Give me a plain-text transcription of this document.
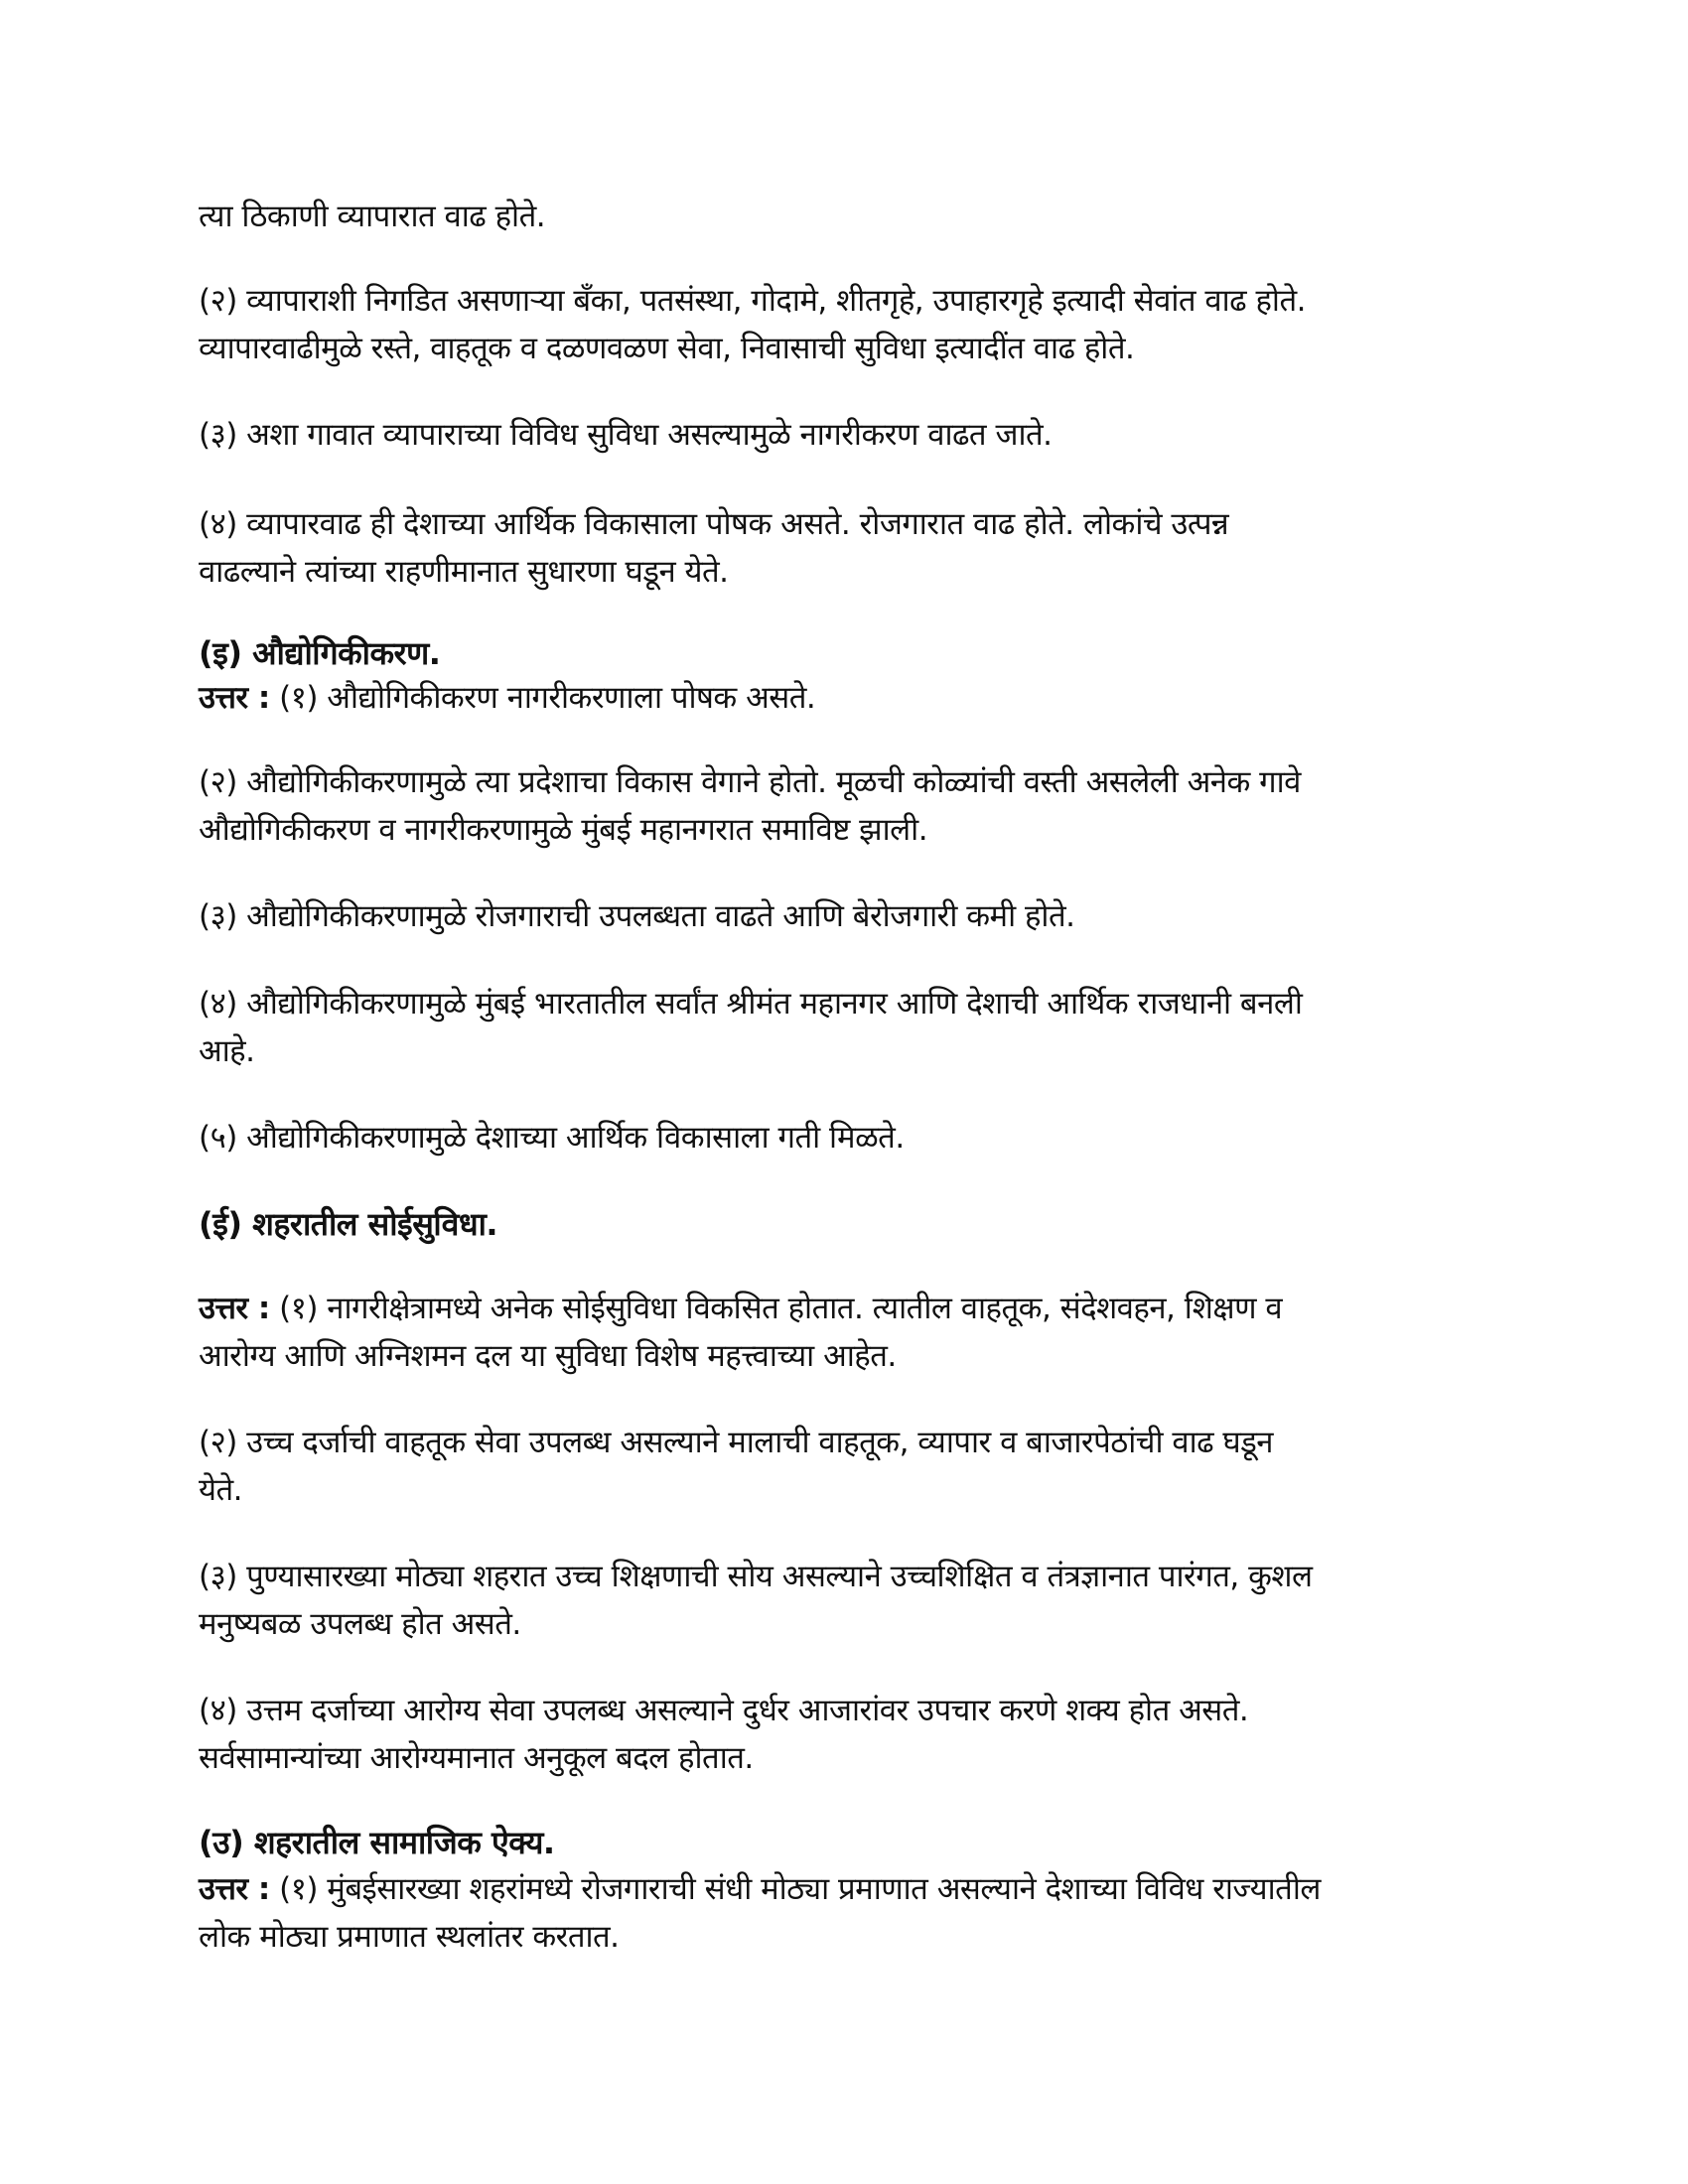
त्या ठिकाणी व्यापारात वाढ होते.
(२) व्यापाराशी निगडित असणाऱ्या बँका, पतसंस्था, गोदामे, शीतगृहे, उपाहारगृहे इत्यादी सेवांत वाढ होते.
व्यापारवाढीमुळे रस्ते, वाहतूक व दळणवळण सेवा, निवासाची सुविधा इत्यादींत वाढ होते.
(३) अशा गावात व्यापाराच्या विविध सुविधा असल्यामुळे नागरीकरण वाढत जाते.
(४) व्यापारवाढ ही देशाच्या आर्थिक विकासाला पोषक असते. रोजगारात वाढ होते. लोकांचे उत्पन्न
वाढल्याने त्यांच्या राहणीमानात सुधारणा घडून येते.
(इ) औद्योगिकीकरण.
उत्तर : (१) औद्योगिकीकरण नागरीकरणाला पोषक असते.
(२) औद्योगिकीकरणामुळे त्या प्रदेशाचा विकास वेगाने होतो. मूळची कोळ्यांची वस्ती असलेली अनेक गावे
औद्योगिकीकरण व नागरीकरणामुळे मुंबई महानगरात समाविष्ट झाली.
(३) औद्योगिकीकरणामुळे रोजगाराची उपलब्धता वाढते आणि बेरोजगारी कमी होते.
(४) औद्योगिकीकरणामुळे मुंबई भारतातील सर्वांत श्रीमंत महानगर आणि देशाची आर्थिक राजधानी बनली
आहे.
(५) औद्योगिकीकरणामुळे देशाच्या आर्थिक विकासाला गती मिळते.
(ई) शहरातील सोईसुविधा.
उत्तर : (१) नागरीक्षेत्रामध्ये अनेक सोईसुविधा विकसित होतात. त्यातील वाहतूक, संदेशवहन, शिक्षण व
आरोग्य आणि अग्निशमन दल या सुविधा विशेष महत्त्वाच्या आहेत.
(२) उच्च दर्जाची वाहतूक सेवा उपलब्ध असल्याने मालाची वाहतूक, व्यापार व बाजारपेठांची वाढ घडून
येते.
(३) पुण्यासारख्या मोठ्या शहरात उच्च शिक्षणाची सोय असल्याने उच्चशिक्षित व तंत्रज्ञानात पारंगत, कुशल
मनुष्यबळ उपलब्ध होत असते.
(४) उत्तम दर्जाच्या आरोग्य सेवा उपलब्ध असल्याने दुर्धर आजारांवर उपचार करणे शक्य होत असते.
सर्वसामान्यांच्या आरोग्यमानात अनुकूल बदल होतात.
(उ) शहरातील सामाजिक ऐक्य.
उत्तर : (१) मुंबईसारख्या शहरांमध्ये रोजगाराची संधी मोठ्या प्रमाणात असल्याने देशाच्या विविध राज्यातील
लोक मोठ्या प्रमाणात स्थलांतर करतात.
